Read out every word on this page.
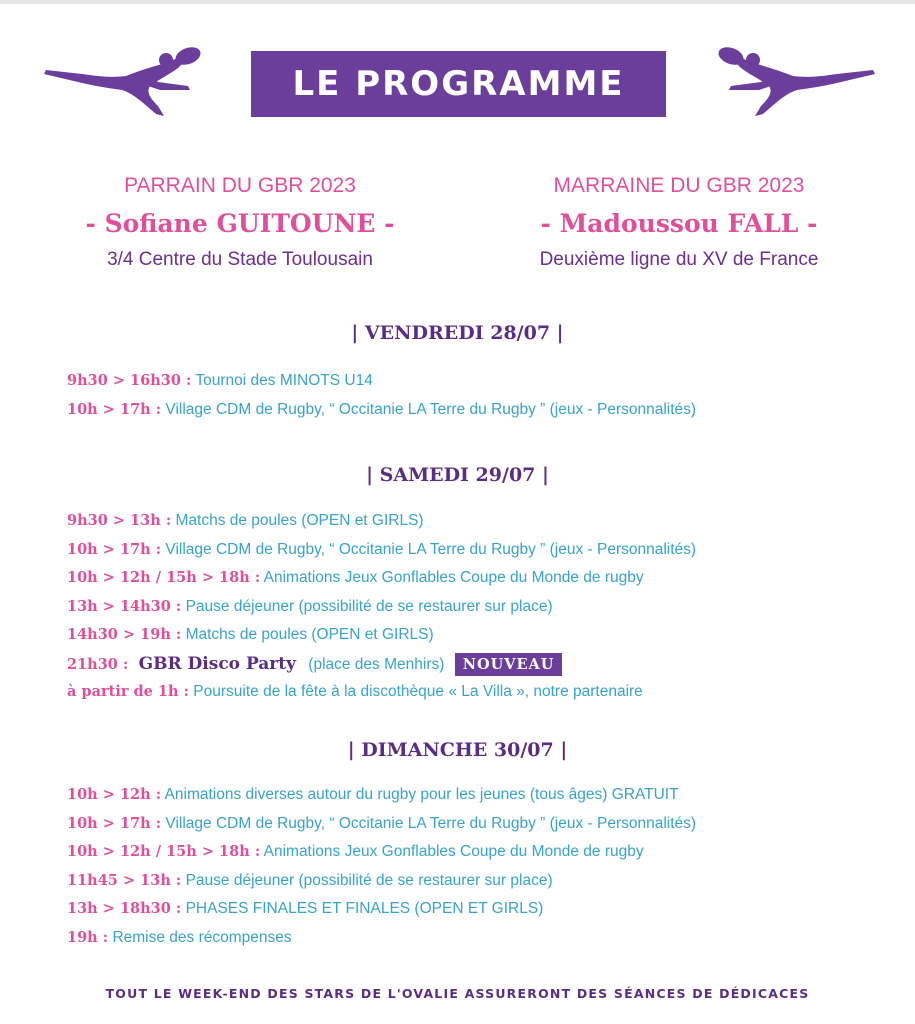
LE PROGRAMME
PARRAIN DU GBR 2023
- Sofiane GUITOUNE -
3/4 Centre du Stade Toulousain
MARRAINE DU GBR 2023
- Madoussou FALL -
Deuxième ligne du XV de France
| VENDREDI 28/07 |
9h30 > 16h30 : Tournoi des MINOTS U14
10h > 17h : Village CDM de Rugby, “ Occitanie LA Terre du Rugby ” (jeux - Personnalités)
| SAMEDI 29/07 |
9h30 > 13h : Matchs de poules (OPEN et GIRLS)
10h > 17h : Village CDM de Rugby, “ Occitanie LA Terre du Rugby ” (jeux - Personnalités)
10h > 12h / 15h > 18h : Animations Jeux Gonflables Coupe du Monde de rugby
13h > 14h30 : Pause déjeuner (possibilité de se restaurer sur place)
14h30 > 19h : Matchs de poules (OPEN et GIRLS)
21h30 : GBR Disco Party (place des Menhirs) NOUVEAU
à partir de 1h : Poursuite de la fête à la discothèque « La Villa », notre partenaire
| DIMANCHE 30/07 |
10h > 12h : Animations diverses autour du rugby pour les jeunes (tous âges) GRATUIT
10h > 17h : Village CDM de Rugby, “ Occitanie LA Terre du Rugby ” (jeux - Personnalités)
10h > 12h / 15h > 18h : Animations Jeux Gonflables Coupe du Monde de rugby
11h45 > 13h : Pause déjeuner (possibilité de se restaurer sur place)
13h > 18h30 : PHASES FINALES ET FINALES (OPEN ET GIRLS)
19h : Remise des récompenses
TOUT LE WEEK-END DES STARS DE L'OVALIE ASSURERONT DES SÉANCES DE DÉDICACES
